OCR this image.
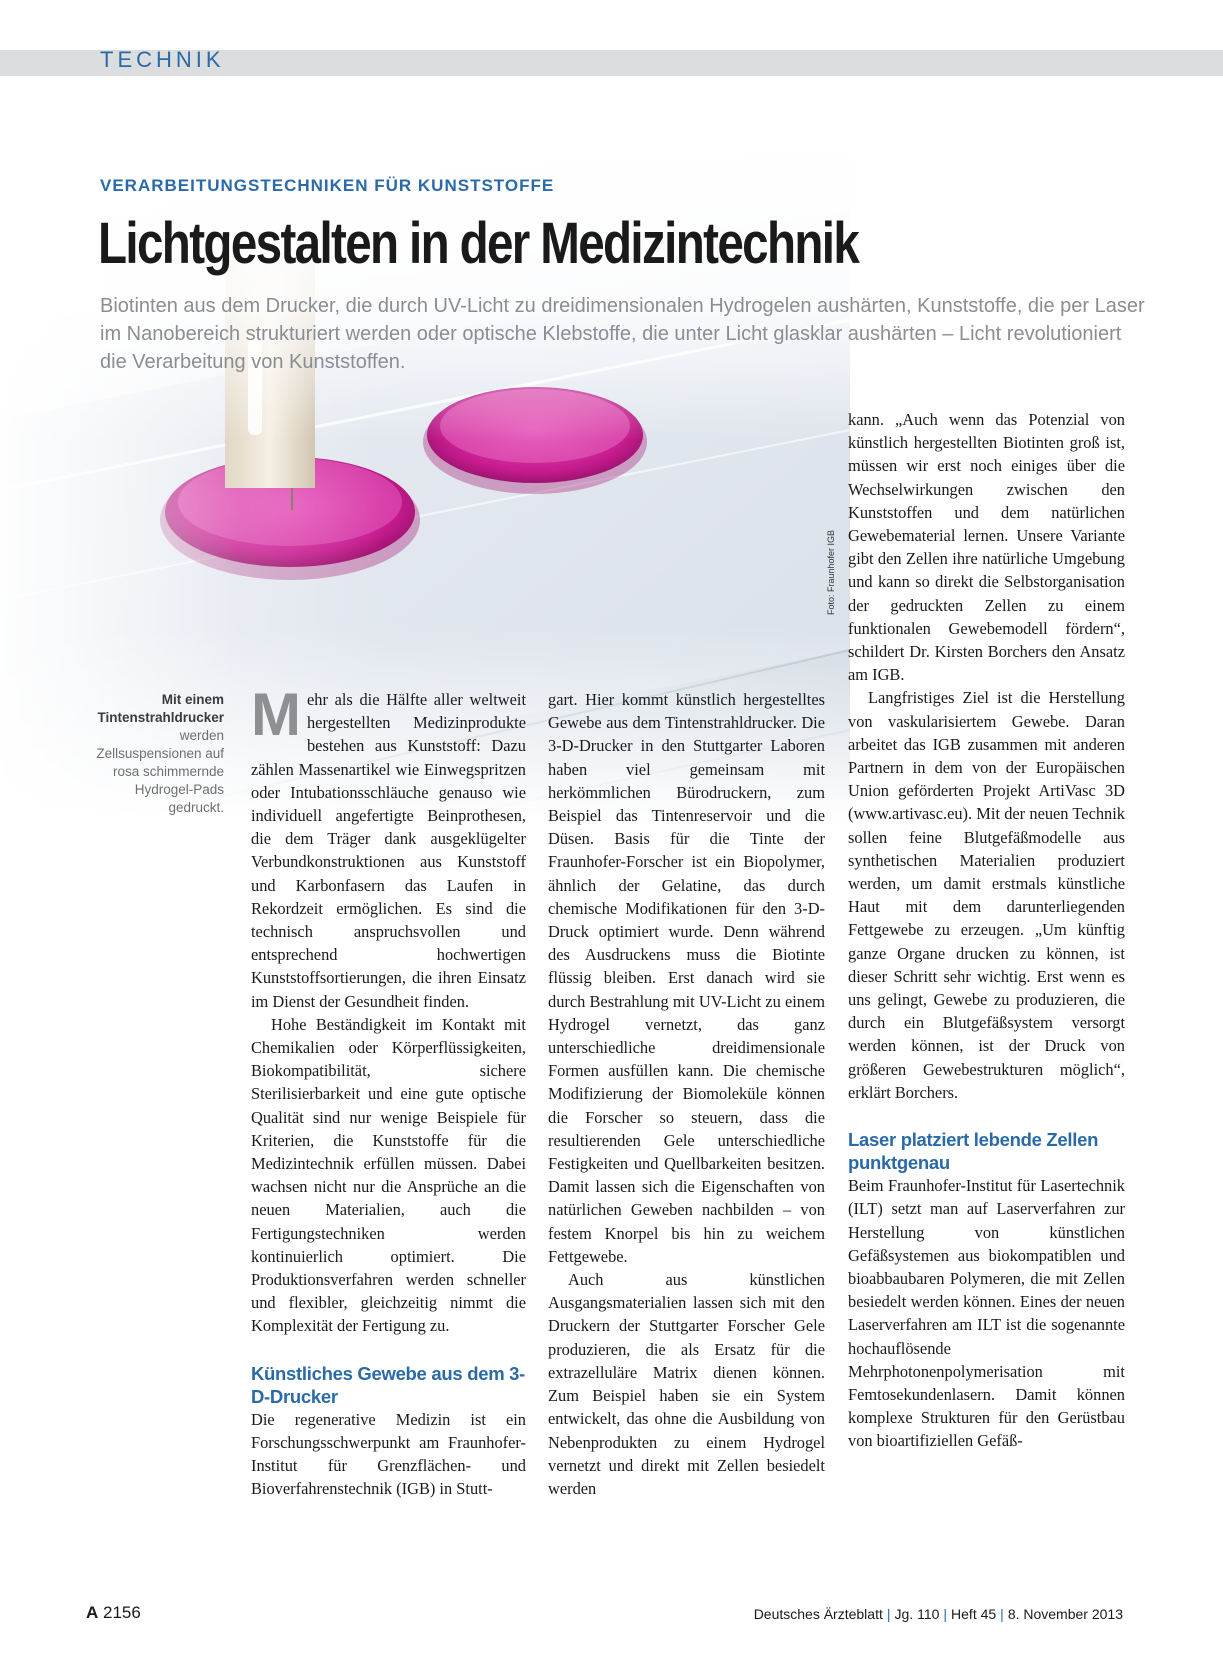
TECHNIK
VERARBEITUNGSTECHNIKEN FÜR KUNSTSTOFFE
Lichtgestalten in der Medizintechnik
Biotinten aus dem Drucker, die durch UV-Licht zu dreidimensionalen Hydrogelen aushärten, Kunststoffe, die per Laser im Nanobereich strukturiert werden oder optische Klebstoffe, die unter Licht glasklar aushärten – Licht revolutioniert die Verarbeitung von Kunststoffen.
Foto: Fraunhofer IGB
Mit einem Tintenstrahldrucker
werden Zellsuspensionen auf rosa schimmernde Hydrogel-Pads gedruckt.

Mehr als die Hälfte aller weltweit hergestellten Medizinprodukte bestehen aus Kunststoff: Dazu zählen Massenartikel wie Einwegspritzen oder Intubationsschläuche genauso wie individuell angefertigte Beinprothesen, die dem Träger dank ausgeklügelter Verbundkonstruktionen aus Kunststoff und Karbonfasern das Laufen in Rekordzeit ermöglichen. Es sind die technisch anspruchsvollen und entsprechend hochwertigen Kunststoffsortierungen, die ihren Einsatz im Dienst der Gesundheit finden.

Hohe Beständigkeit im Kontakt mit Chemikalien oder Körperflüssigkeiten, Biokompatibilität, sichere Sterilisierbarkeit und eine gute optische Qualität sind nur wenige Beispiele für Kriterien, die Kunststoffe für die Medizintechnik erfüllen müssen. Dabei wachsen nicht nur die Ansprüche an die neuen Materialien, auch die Fertigungstechniken werden kontinuierlich optimiert. Die Produktionsverfahren werden schneller und flexibler, gleichzeitig nimmt die Komplexität der Fertigung zu.

Künstliches Gewebe aus dem 3-D-Drucker

Die regenerative Medizin ist ein Forschungsschwerpunkt am Fraunhofer-Institut für Grenzflächen- und Bioverfahrenstechnik (IGB) in Stutt-

gart. Hier kommt künstlich hergestelltes Gewebe aus dem Tintenstrahldrucker. Die 3-D-Drucker in den Stuttgarter Laboren haben viel gemeinsam mit herkömmlichen Bürodruckern, zum Beispiel das Tintenreservoir und die Düsen. Basis für die Tinte der Fraunhofer-Forscher ist ein Biopolymer, ähnlich der Gelatine, das durch chemische Modifikationen für den 3-D-Druck optimiert wurde. Denn während des Ausdruckens muss die Biotinte flüssig bleiben. Erst danach wird sie durch Bestrahlung mit UV-Licht zu einem Hydrogel vernetzt, das ganz unterschiedliche dreidimensionale Formen ausfüllen kann. Die chemische Modifizierung der Biomoleküle können die Forscher so steuern, dass die resultierenden Gele unterschiedliche Festigkeiten und Quellbarkeiten besitzen. Damit lassen sich die Eigenschaften von natürlichen Geweben nachbilden – von festem Knorpel bis hin zu weichem Fettgewebe.

Auch aus künstlichen Ausgangsmaterialien lassen sich mit den Druckern der Stuttgarter Forscher Gele produzieren, die als Ersatz für die extrazelluläre Matrix dienen können. Zum Beispiel haben sie ein System entwickelt, das ohne die Ausbildung von Nebenprodukten zu einem Hydrogel vernetzt und direkt mit Zellen besiedelt werden

kann. „Auch wenn das Potenzial von künstlich hergestellten Biotinten groß ist, müssen wir erst noch einiges über die Wechselwirkungen zwischen den Kunststoffen und dem natürlichen Gewebematerial lernen. Unsere Variante gibt den Zellen ihre natürliche Umgebung und kann so direkt die Selbstorganisation der gedruckten Zellen zu einem funktionalen Gewebemodell fördern“, schildert Dr. Kirsten Borchers den Ansatz am IGB.

Langfristiges Ziel ist die Herstellung von vaskularisiertem Gewebe. Daran arbeitet das IGB zusammen mit anderen Partnern in dem von der Europäischen Union geförderten Projekt ArtiVasc 3D (www.artivasc.eu). Mit der neuen Technik sollen feine Blutgefäßmodelle aus synthetischen Materialien produziert werden, um damit erstmals künstliche Haut mit dem darunterliegenden Fettgewebe zu erzeugen. „Um künftig ganze Organe drucken zu können, ist dieser Schritt sehr wichtig. Erst wenn es uns gelingt, Gewebe zu produzieren, die durch ein Blutgefäßsystem versorgt werden können, ist der Druck von größeren Gewebestrukturen möglich“, erklärt Borchers.

Laser platziert lebende Zellen punktgenau

Beim Fraunhofer-Institut für Lasertechnik (ILT) setzt man auf Laserverfahren zur Herstellung von künstlichen Gefäßsystemen aus biokompatiblen und bioabbaubaren Polymeren, die mit Zellen besiedelt werden können. Eines der neuen Laserverfahren am ILT ist die sogenannte hochauflösende Mehrphotonenpolymerisation mit Femtosekundenlasern. Damit können komplexe Strukturen für den Gerüstbau von bioartifiziellen Gefäß-

A 2156	Deutsches Ärzteblatt | Jg. 110 | Heft 45 | 8. November 2013
